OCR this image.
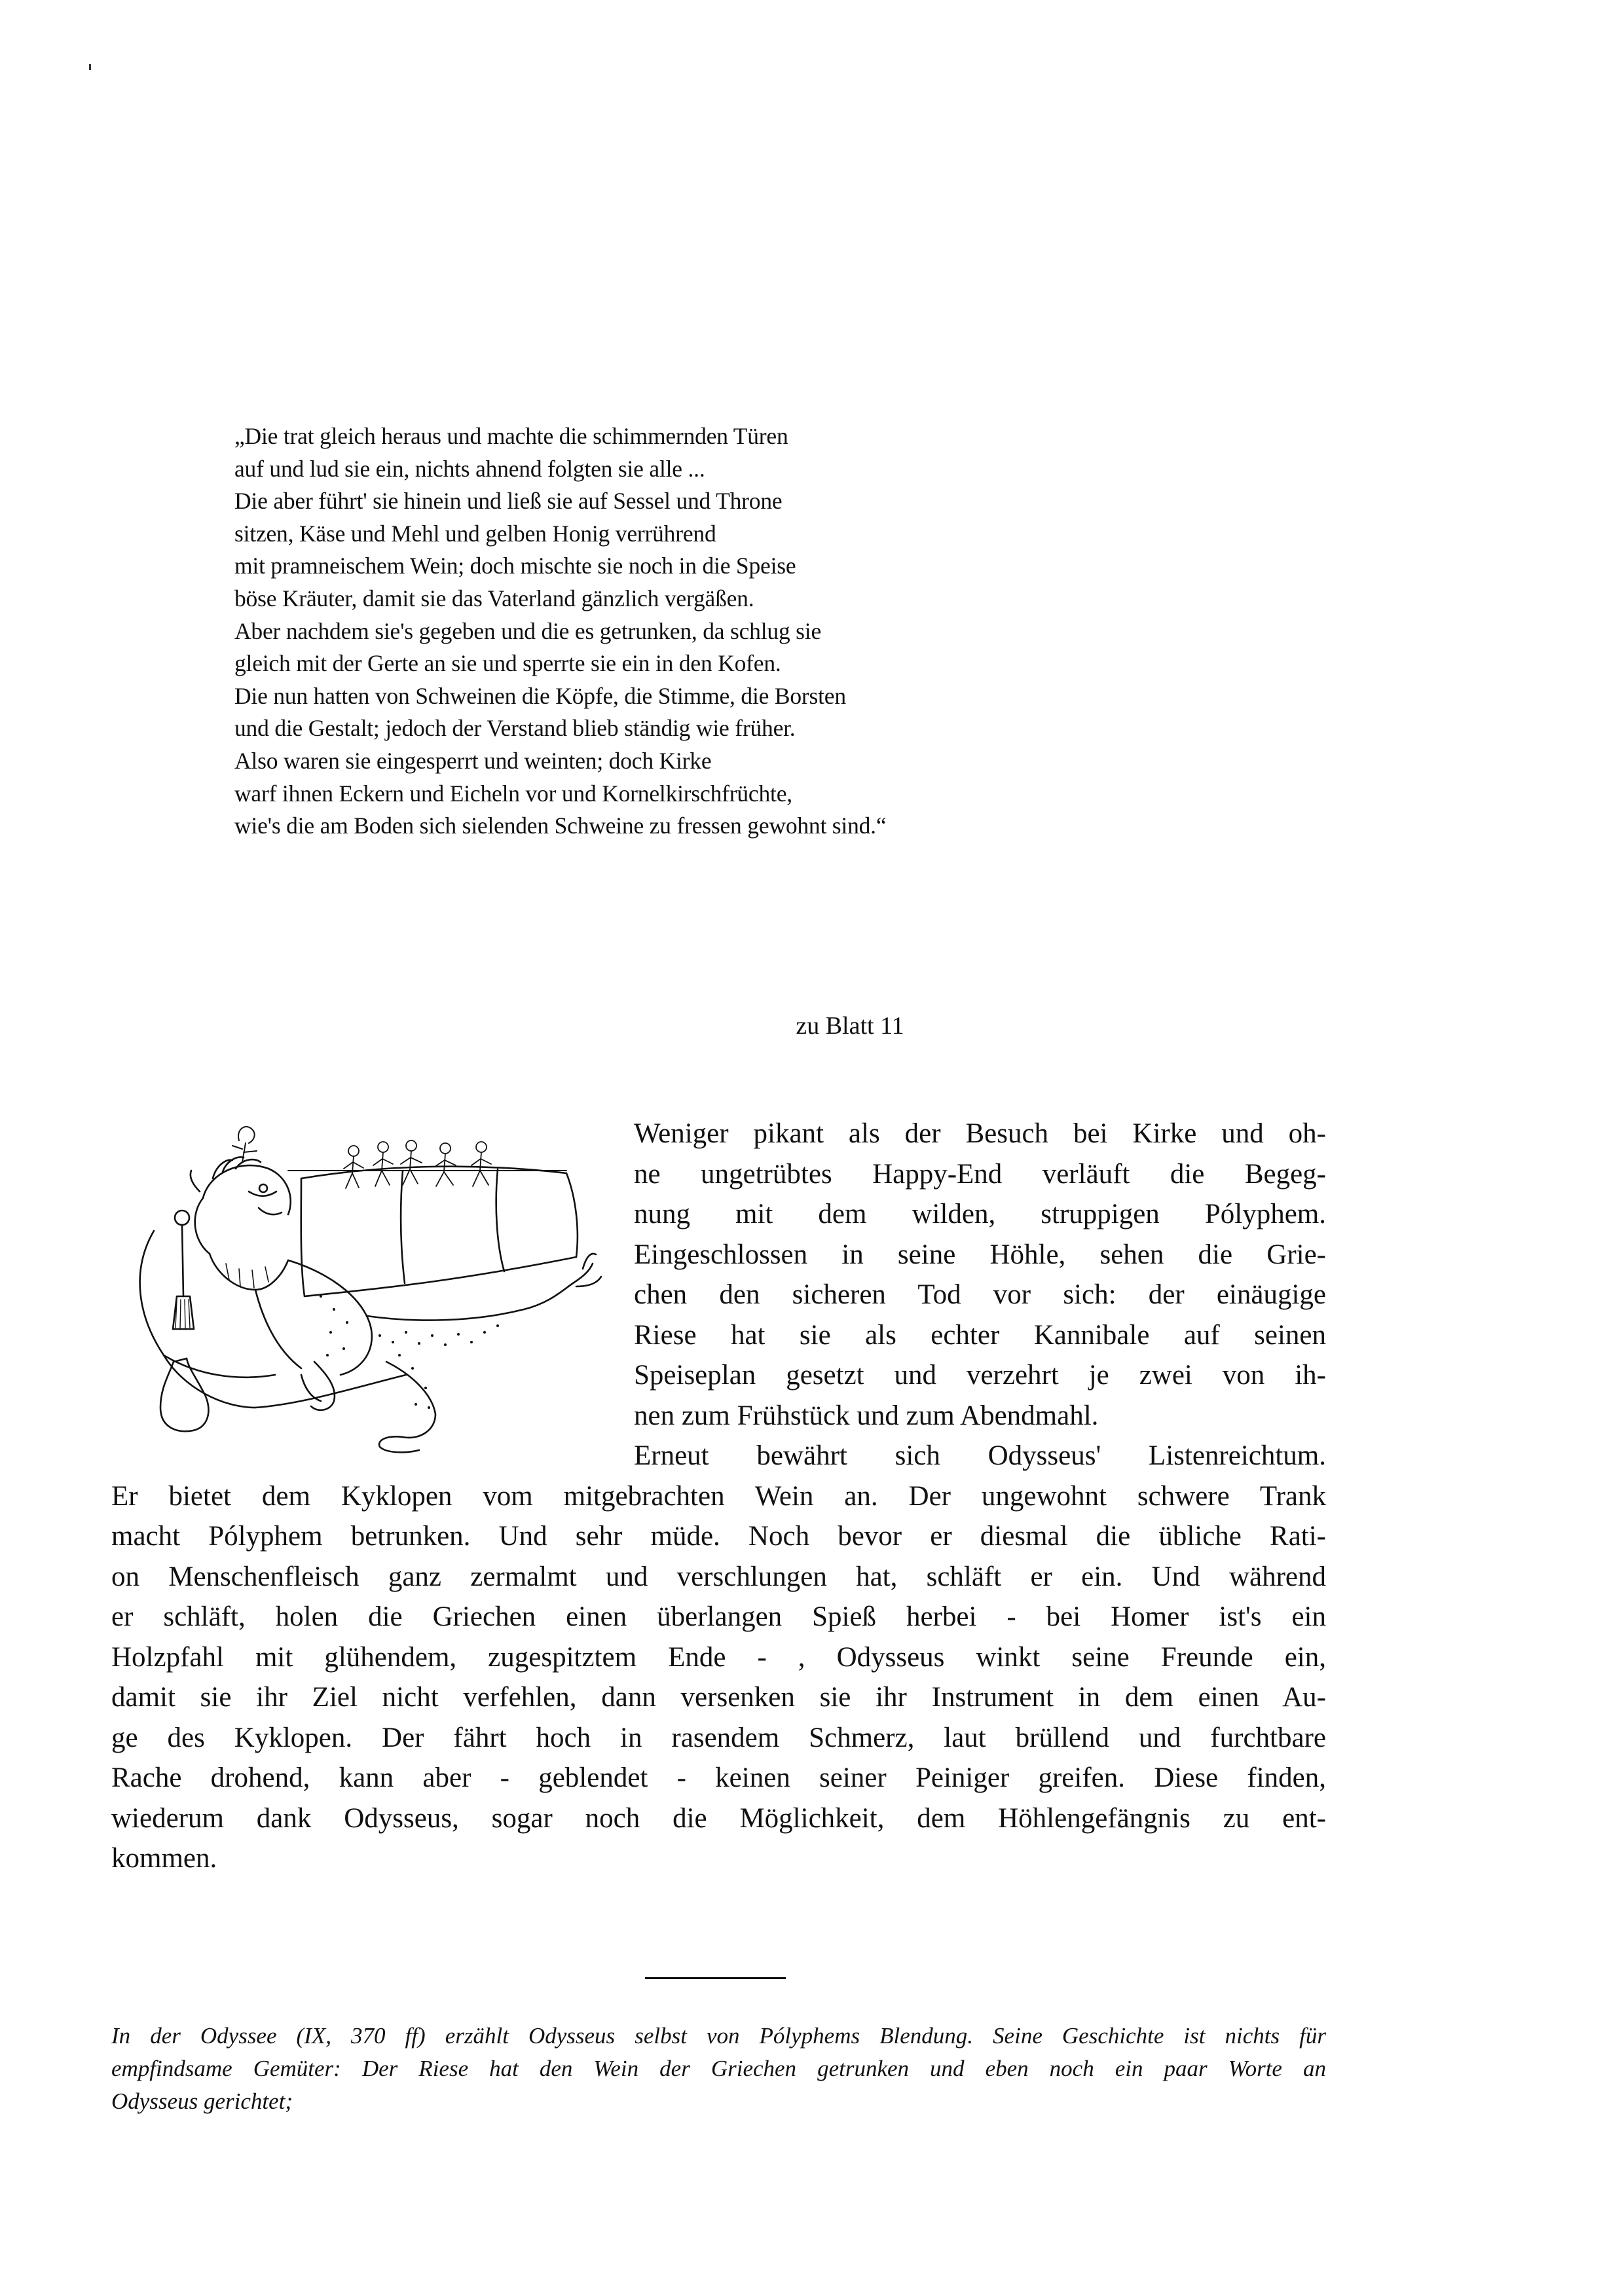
„Die trat gleich heraus und machte die schimmernden Türen
auf und lud sie ein, nichts ahnend folgten sie alle ...
Die aber führt' sie hinein und ließ sie auf Sessel und Throne
sitzen, Käse und Mehl und gelben Honig verrührend
mit pramneischem Wein; doch mischte sie noch in die Speise
böse Kräuter, damit sie das Vaterland gänzlich vergäßen.
Aber nachdem sie's gegeben und die es getrunken, da schlug sie
gleich mit der Gerte an sie und sperrte sie ein in den Kofen.
Die nun hatten von Schweinen die Köpfe, die Stimme, die Borsten
und die Gestalt; jedoch der Verstand blieb ständig wie früher.
Also waren sie eingesperrt und weinten; doch Kirke
warf ihnen Eckern und Eicheln vor und Kornelkirschfrüchte,
wie's die am Boden sich sielenden Schweine zu fressen gewohnt sind.“
zu Blatt 11
Weniger pikant als der Besuch bei Kirke und oh-
ne ungetrübtes Happy-End verläuft die Begeg-
nung mit dem wilden, struppigen Pólyphem.
Eingeschlossen in seine Höhle, sehen die Grie-
chen den sicheren Tod vor sich: der einäugige
Riese hat sie als echter Kannibale auf seinen
Speiseplan gesetzt und verzehrt je zwei von ih-
nen zum Frühstück und zum Abendmahl.
Erneut bewährt sich Odysseus' Listenreichtum.
Er bietet dem Kyklopen vom mitgebrachten Wein an. Der ungewohnt schwere Trank
macht Pólyphem betrunken. Und sehr müde. Noch bevor er diesmal die übliche Rati-
on Menschenfleisch ganz zermalmt und verschlungen hat, schläft er ein. Und während
er schläft, holen die Griechen einen überlangen Spieß herbei - bei Homer ist's ein
Holzpfahl mit glühendem, zugespitztem Ende - , Odysseus winkt seine Freunde ein,
damit sie ihr Ziel nicht verfehlen, dann versenken sie ihr Instrument in dem einen Au-
ge des Kyklopen. Der fährt hoch in rasendem Schmerz, laut brüllend und furchtbare
Rache drohend, kann aber - geblendet - keinen seiner Peiniger greifen. Diese finden,
wiederum dank Odysseus, sogar noch die Möglichkeit, dem Höhlengefängnis zu ent-
kommen.
In der Odyssee (IX, 370 ff) erzählt Odysseus selbst von Pólyphems Blendung. Seine Geschichte ist nichts für
empfindsame Gemüter: Der Riese hat den Wein der Griechen getrunken und eben noch ein paar Worte an
Odysseus gerichtet;
